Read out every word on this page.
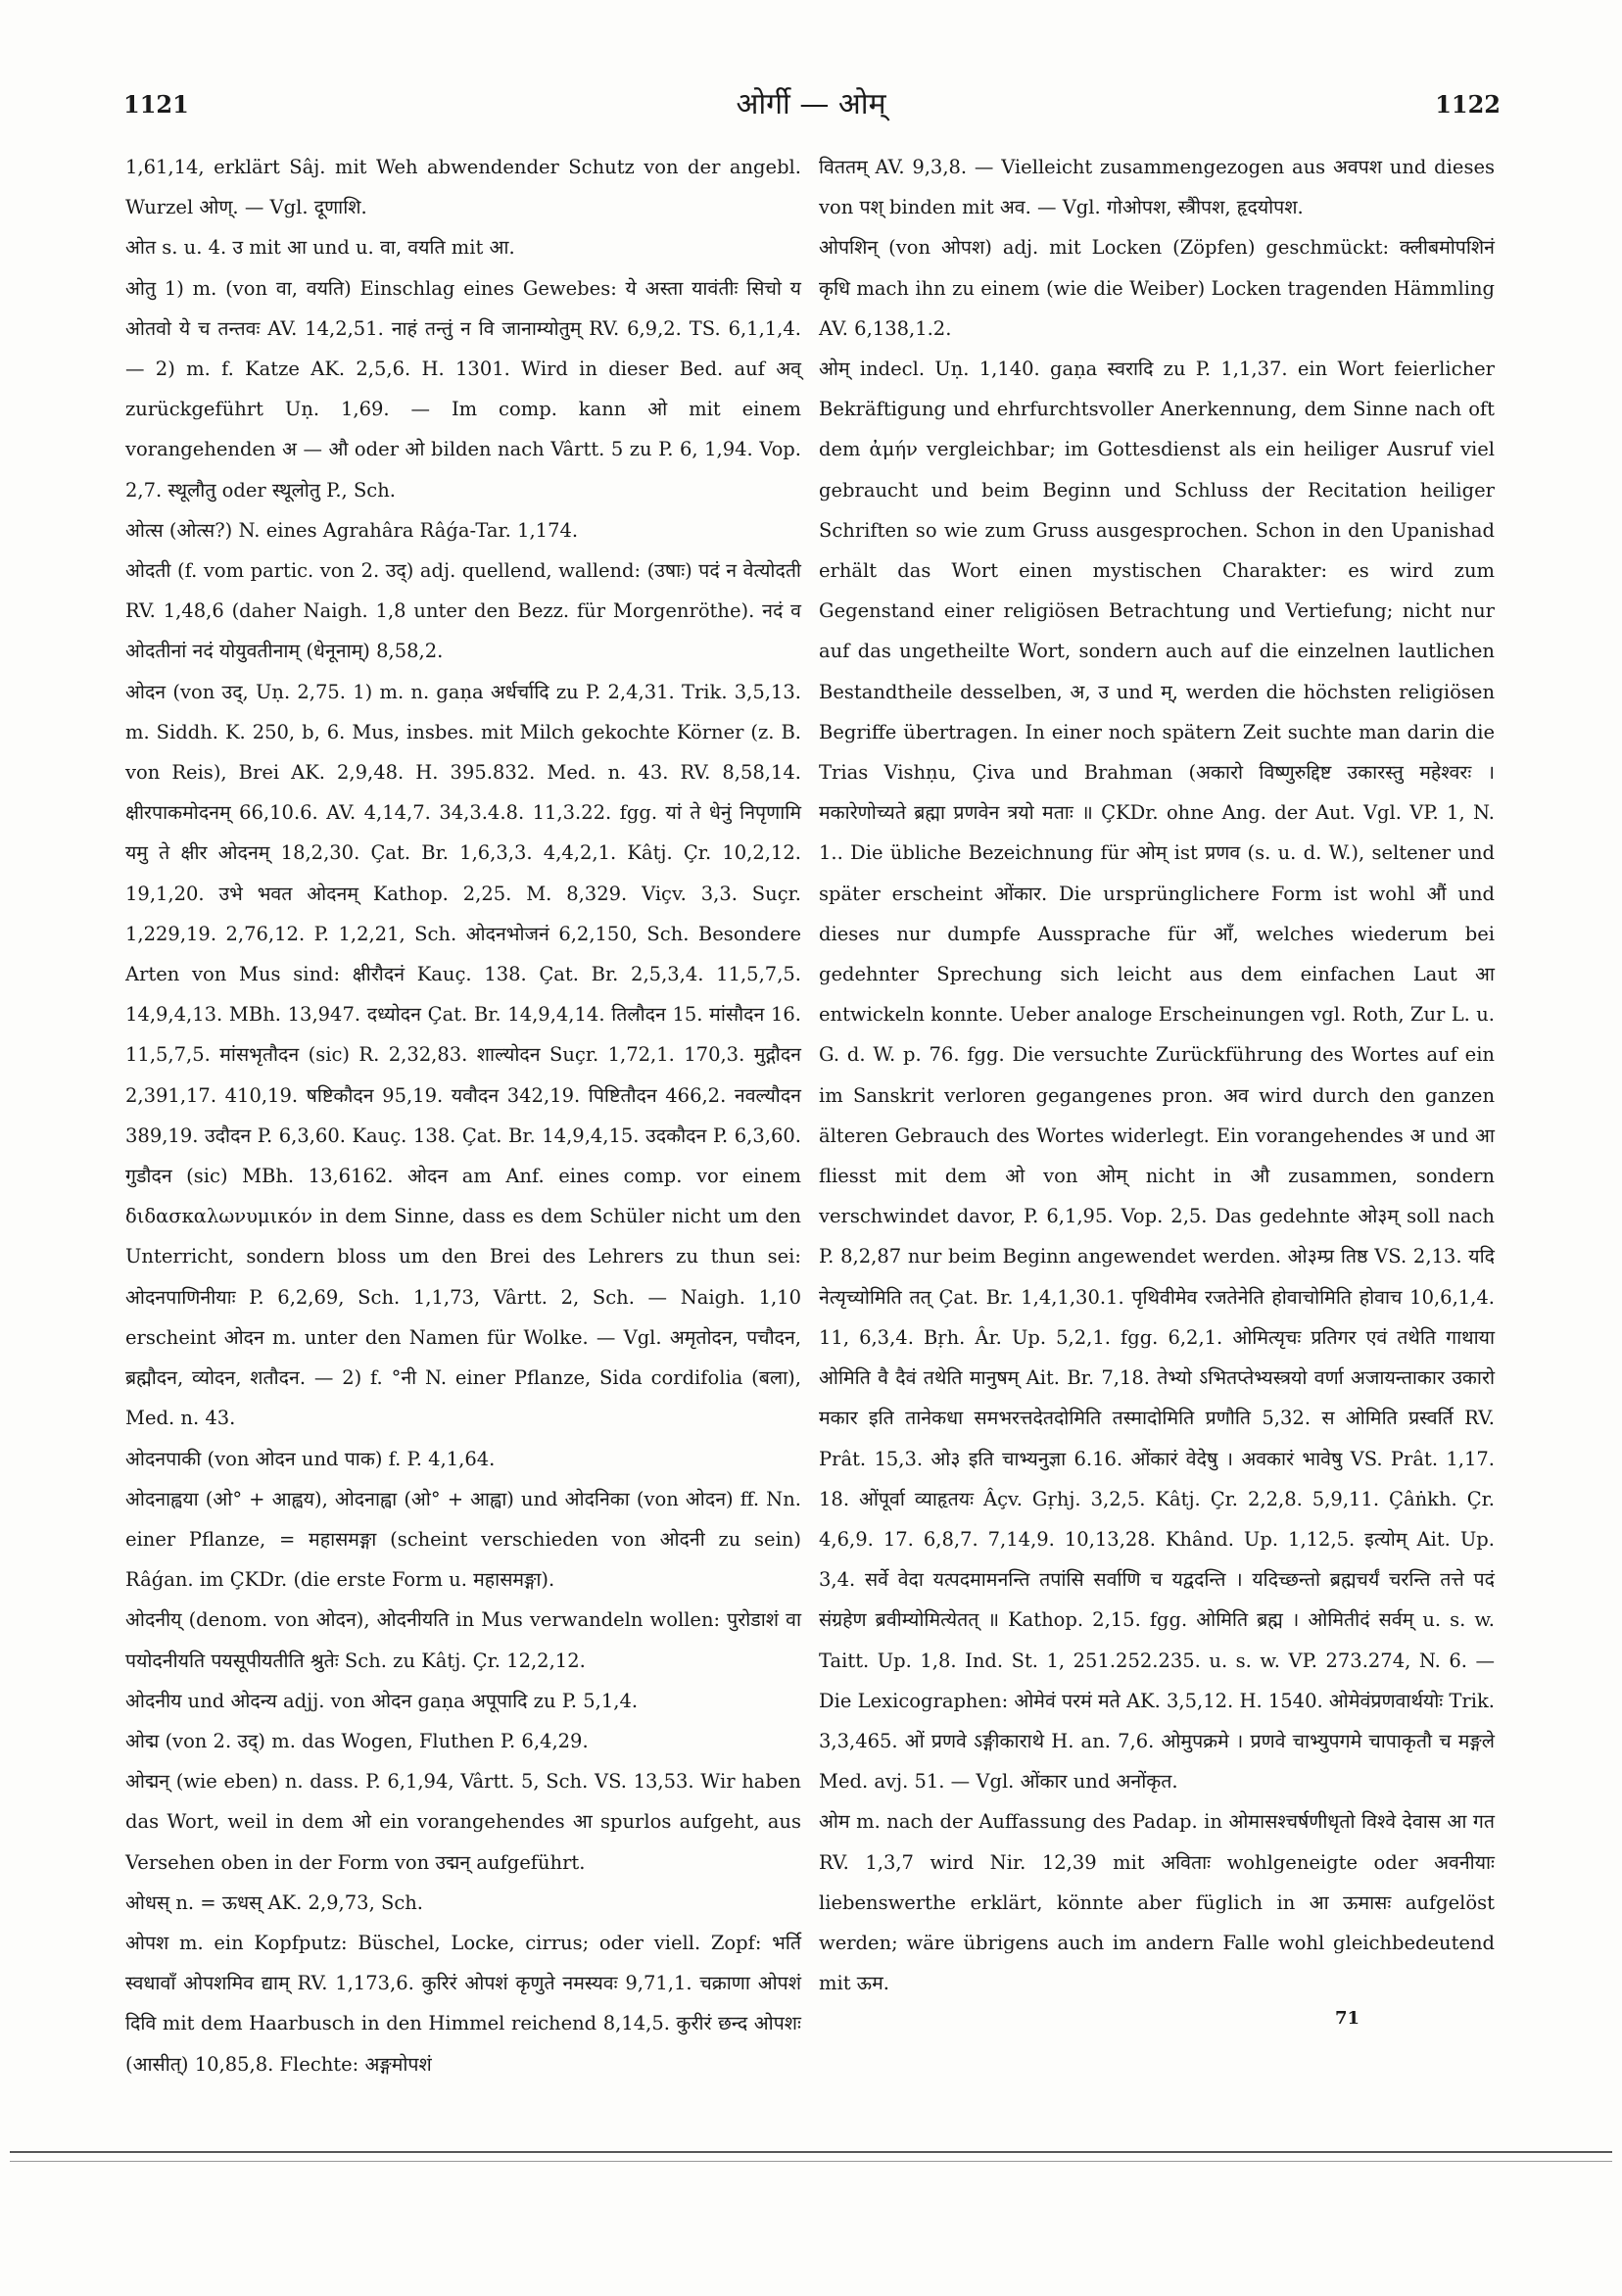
1121	ओर्गी — ओम्	1122

1,61,14, erklärt Sâj. mit Weh abwendender Schutz von der angebl. Wurzel ओण्. — Vgl. दूणाशि.

ओत s. u. 4. उ mit आ und u. वा, वयति mit आ.

ओतु 1) m. (von वा, वयति) Einschlag eines Gewebes: ये अस्ता यावंतीः सिचो य ओतवो ये च तन्तवः AV. 14,2,51. नाहं तन्तुं न वि जानाम्योतुम् RV. 6,9,2. TS. 6,1,1,4. — 2) m. f. Katze AK. 2,5,6. H. 1301. Wird in dieser Bed. auf अव् zurückgeführt Uṇ. 1,69. — Im comp. kann ओ mit einem vorangehenden अ — औ oder ओ bilden nach Vârtt. 5 zu P. 6, 1,94. Vop. 2,7. स्थूलौतु oder स्थूलोतु P., Sch.

ओत्स (ओत्स?) N. eines Agrahâra Râǵa-Tar. 1,174.

ओदती (f. vom partic. von 2. उद्) adj. quellend, wallend: (उषाः) पदं न वेत्योदती RV. 1,48,6 (daher Naigh. 1,8 unter den Bezz. für Morgenröthe). नदं व ओदतीनां नदं योयुवतीनाम् (धेनूनाम्) 8,58,2.

ओदन (von उद्, Uṇ. 2,75. 1) m. n. gaṇa अर्धर्चादि zu P. 2,4,31. Trik. 3,5,13. m. Siddh. K. 250, b, 6. Mus, insbes. mit Milch gekochte Körner (z. B. von Reis), Brei AK. 2,9,48. H. 395.832. Med. n. 43. RV. 8,58,14. क्षीरपाकमोदनम् 66,10.6. AV. 4,14,7. 34,3.4.8. 11,3.22. fgg. यां ते धेनुं निपृणामि यमु ते क्षीर ओदनम् 18,2,30. Çat. Br. 1,6,3,3. 4,4,2,1. Kâtj. Çr. 10,2,12. 19,1,20. उभे भवत ओदनम् Kathop. 2,25. M. 8,329. Viçv. 3,3. Suçr. 1,229,19. 2,76,12. P. 1,2,21, Sch. ओदनभोजनं 6,2,150, Sch. Besondere Arten von Mus sind: क्षीरौदनं Kauç. 138. Çat. Br. 2,5,3,4. 11,5,7,5. 14,9,4,13. MBh. 13,947. दध्योदन Çat. Br. 14,9,4,14. तिलौदन 15. मांसौदन 16. 11,5,7,5. मांसभृतौदन (sic) R. 2,32,83. शाल्योदन Suçr. 1,72,1. 170,3. मुद्गौदन 2,391,17. 410,19. षष्टिकौदन 95,19. यवौदन 342,19. पिष्टितौदन 466,2. नवल्यौदन 389,19. उदौदन P. 6,3,60. Kauç. 138. Çat. Br. 14,9,4,15. उदकौदन P. 6,3,60. गुडौदन (sic) MBh. 13,6162. ओदन am Anf. eines comp. vor einem διδασκαλωνυμικόν in dem Sinne, dass es dem Schüler nicht um den Unterricht, sondern bloss um den Brei des Lehrers zu thun sei: ओदनपाणिनीयाः P. 6,2,69, Sch. 1,1,73, Vârtt. 2, Sch. — Naigh. 1,10 erscheint ओदन m. unter den Namen für Wolke. — Vgl. अमृतोदन, पचौदन, ब्रह्मौदन, व्योदन, शतौदन. — 2) f. °नी N. einer Pflanze, Sida cordifolia (बला), Med. n. 43.

ओदनपाकी (von ओदन und पाक) f. P. 4,1,64.

ओदनाह्वया (ओ° + आह्वय), ओदनाह्वा (ओ° + आह्वा) und ओदनिका (von ओदन) ff. Nn. einer Pflanze, = महासमङ्गा (scheint verschieden von ओदनी zu sein) Râǵan. im ÇKDr. (die erste Form u. महासमङ्गा).

ओदनीय् (denom. von ओदन), ओदनीयति in Mus verwandeln wollen: पुरोडाशं वा पयोदनीयति पयसूपीयतीति श्रुतेः Sch. zu Kâtj. Çr. 12,2,12.

ओदनीय und ओदन्य adjj. von ओदन gaṇa अपूपादि zu P. 5,1,4.

ओद्म (von 2. उद्) m. das Wogen, Fluthen P. 6,4,29.

ओद्मन् (wie eben) n. dass. P. 6,1,94, Vârtt. 5, Sch. VS. 13,53. Wir haben das Wort, weil in dem ओ ein vorangehendes आ spurlos aufgeht, aus Versehen oben in der Form von उद्मन् aufgeführt.

ओधस् n. = ऊधस् AK. 2,9,73, Sch.

ओपश m. ein Kopfputz: Büschel, Locke, cirrus; oder viell. Zopf: भर्ति स्वधावाँ ओपशमिव द्याम् RV. 1,173,6. कुरिरं ओपशं कृणुते नमस्यवः 9,71,1. चक्राणा ओपशं दिवि mit dem Haarbusch in den Himmel reichend 8,14,5. कुरीरं छन्द ओपशः (आसीत्) 10,85,8. Flechte: अङ्गमोपशं

विततम् AV. 9,3,8. — Vielleicht zusammengezogen aus अवपश und dieses von पश् binden mit अव. — Vgl. गोओपश, स्त्रैोपश, हृदयोपश.

ओपशिन् (von ओपश) adj. mit Locken (Zöpfen) geschmückt: क्लीबमोपशिनं कृधि mach ihn zu einem (wie die Weiber) Locken tragenden Hämmling AV. 6,138,1.2.

ओम् indecl. Uṇ. 1,140. gaṇa स्वरादि zu P. 1,1,37. ein Wort feierlicher Bekräftigung und ehrfurchtsvoller Anerkennung, dem Sinne nach oft dem ἀμήν vergleichbar; im Gottesdienst als ein heiliger Ausruf viel gebraucht und beim Beginn und Schluss der Recitation heiliger Schriften so wie zum Gruss ausgesprochen. Schon in den Upanishad erhält das Wort einen mystischen Charakter: es wird zum Gegenstand einer religiösen Betrachtung und Vertiefung; nicht nur auf das ungetheilte Wort, sondern auch auf die einzelnen lautlichen Bestandtheile desselben, अ, उ und म्, werden die höchsten religiösen Begriffe übertragen. In einer noch spätern Zeit suchte man darin die Trias Vishṇu, Çiva und Brahman (अकारो विष्णुरुद्दिष्ट उकारस्तु महेश्वरः । मकारेणोच्यते ब्रह्मा प्रणवेन त्रयो मताः ॥ ÇKDr. ohne Ang. der Aut. Vgl. VP. 1, N. 1.. Die übliche Bezeichnung für ओम् ist प्रणव (s. u. d. W.), seltener und später erscheint ओंकार. Die ursprünglichere Form ist wohl औं und dieses nur dumpfe Aussprache für आँ, welches wiederum bei gedehnter Sprechung sich leicht aus dem einfachen Laut आ entwickeln konnte. Ueber analoge Erscheinungen vgl. Roth, Zur L. u. G. d. W. p. 76. fgg. Die versuchte Zurückführung des Wortes auf ein im Sanskrit verloren gegangenes pron. अव wird durch den ganzen älteren Gebrauch des Wortes widerlegt. Ein vorangehendes अ und आ fliesst mit dem ओ von ओम् nicht in औ zusammen, sondern verschwindet davor, P. 6,1,95. Vop. 2,5. Das gedehnte ओ३म् soll nach P. 8,2,87 nur beim Beginn angewendet werden. ओ३म्प्र तिष्ठ VS. 2,13. यदि नेत्यृच्योमिति तत् Çat. Br. 1,4,1,30.1. पृथिवीमेव रजतेनेति होवाचोमिति होवाच 10,6,1,4. 11, 6,3,4. Bṛh. Âr. Up. 5,2,1. fgg. 6,2,1. ओमित्यृचः प्रतिगर एवं तथेति गाथाया ओमिति वै दैवं तथेति मानुषम् Ait. Br. 7,18. तेभ्यो ऽभितप्तेभ्यस्त्रयो वर्णा अजायन्ताकार उकारो मकार इति तानेकधा समभरत्तदेतदोमिति तस्मादोमिति प्रणौति 5,32. स ओमिति प्रस्वर्ति RV. Prât. 15,3. ओ३ इति चाभ्यनुज्ञा 6.16. ओंकारं वेदेषु । अवकारं भावेषु VS. Prât. 1,17. 18. ओंपूर्वा व्याहृतयः Âçv. Gṛhj. 3,2,5. Kâtj. Çr. 2,2,8. 5,9,11. Çâṅkh. Çr. 4,6,9. 17. 6,8,7. 7,14,9. 10,13,28. Khând. Up. 1,12,5. इत्योम् Ait. Up. 3,4. सर्वे वेदा यत्पदमामनन्ति तपांसि सर्वाणि च यद्वदन्ति । यदिच्छन्तो ब्रह्मचर्यं चरन्ति तत्ते पदं संग्रहेण ब्रवीम्योमित्येतत् ॥ Kathop. 2,15. fgg. ओमिति ब्रह्म । ओमितीदं सर्वम् u. s. w. Taitt. Up. 1,8. Ind. St. 1, 251.252.235. u. s. w. VP. 273.274, N. 6. — Die Lexicographen: ओमेवं परमं मते AK. 3,5,12. H. 1540. ओमेवंप्रणवार्थयोः Trik. 3,3,465. ओं प्रणवे ऽङ्गीकाराथे H. an. 7,6. ओमुपक्रमे । प्रणवे चाभ्युपगमे चापाकृतौ च मङ्गले Med. avj. 51. — Vgl. ओंकार und अनोंकृत.

ओम m. nach der Auffassung des Padap. in ओमासश्चर्षणीधृतो विश्वे देवास आ गत RV. 1,3,7 wird Nir. 12,39 mit अविताः wohlgeneigte oder अवनीयाः liebenswerthe erklärt, könnte aber füglich in आ ऊमासः aufgelöst werden; wäre übrigens auch im andern Falle wohl gleichbedeutend mit ऊम.

71
